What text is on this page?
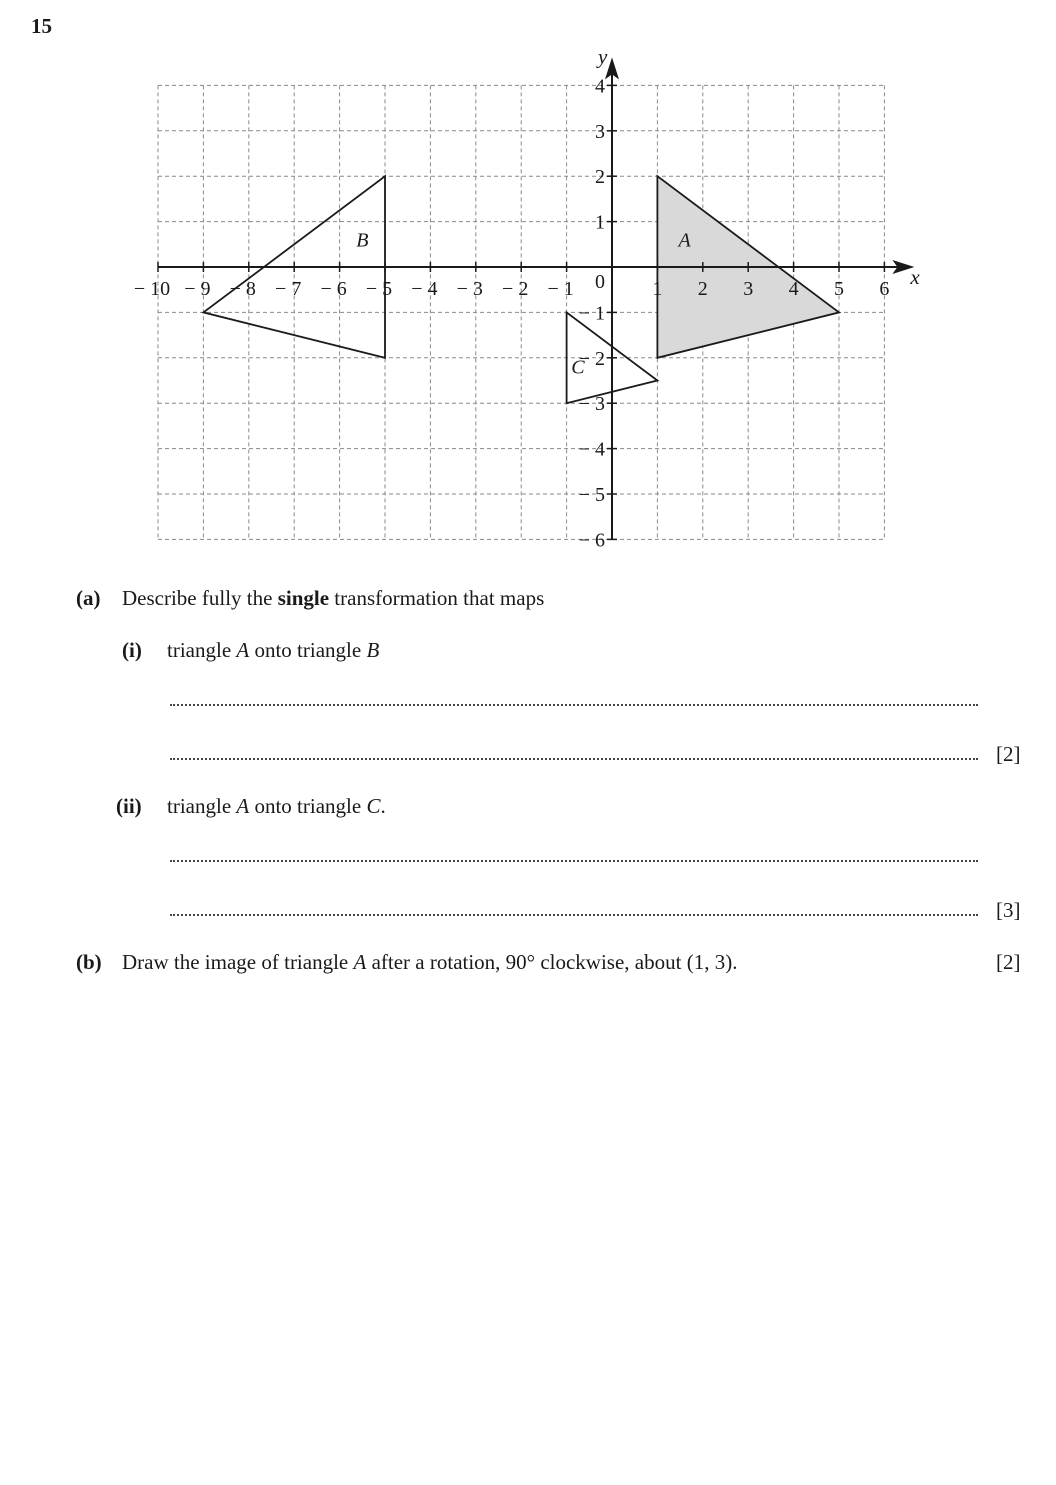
15
A
B
C
x
y
− 10 − 9 − 8 − 7 − 6 − 5 − 4 − 3 − 2 − 1	1 2 3 4 5 6
4
3
2
1
− 1
− 2
− 3
− 4
− 5
− 6
0
(a) Describe fully the single transformation that maps
(i) triangle A onto triangle B
[2]
(ii) triangle A onto triangle C.
[3]
(b) Draw the image of triangle A after a rotation, 90° clockwise, about (1, 3).	[2]
